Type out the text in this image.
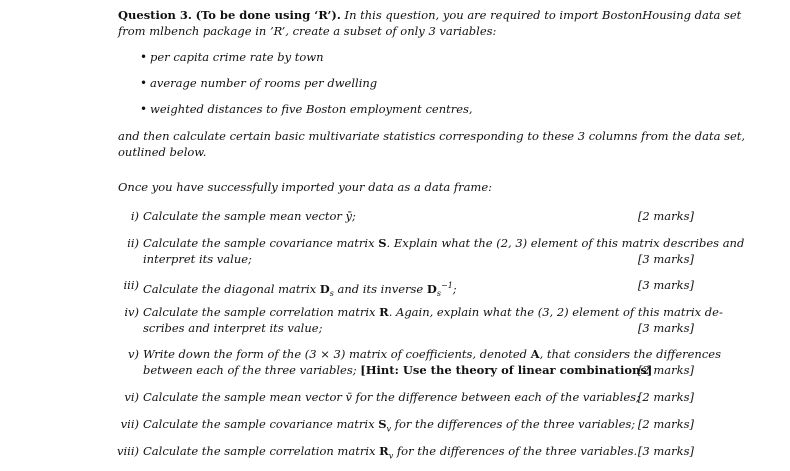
Question 3. (To be done using ‘R’). In this question, you are required to import BostonHousing data set
from mlbench package in ’R’, create a subset of only 3 variables:
• per capita crime rate by town
• average number of rooms per dwelling
• weighted distances to five Boston employment centres,
and then calculate certain basic multivariate statistics corresponding to these 3 columns from the data set,
outlined below.
Once you have successfully imported your data as a data frame:
i) Calculate the sample mean vector ȳ;	[2 marks]
ii) Calculate the sample covariance matrix S. Explain what the (2, 3) element of this matrix describes and
interpret its value;	[3 marks]
iii) Calculate the diagonal matrix $D_s$ and its inverse $D_s^{-1}$;	[3 marks]
iv) Calculate the sample correlation matrix R. Again, explain what the (3, 2) element of this matrix de-
scribes and interpret its value;	[3 marks]
v) Write down the form of the (3 × 3) matrix of coefficients, denoted A, that considers the differences
between each of the three variables; [Hint: Use the theory of linear combinations]
[2 marks]
vi) Calculate the sample mean vector v̄ for the difference between each of the variables;
[2 marks]
vii) Calculate the sample covariance matrix $S_v$ for the differences of the three variables; [2 marks]
viii) Calculate the sample correlation matrix $R_v$ for the differences of the three variables. [3 marks]
